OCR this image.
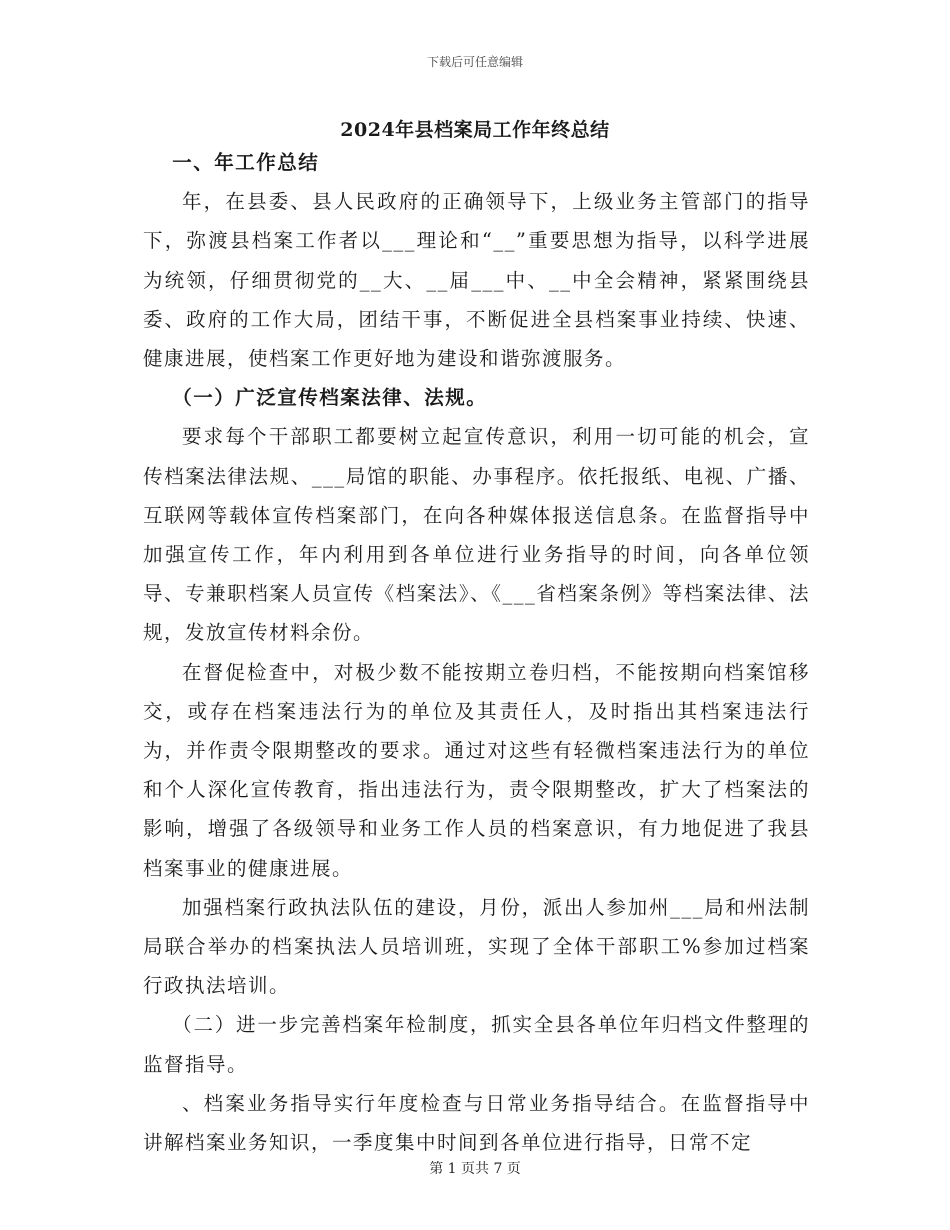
下载后可任意编辑
2024年县档案局工作年终总结

一、年工作总结

年，在县委、县人民政府的正确领导下，上级业务主管部门的指导下，弥渡县档案工作者以___理论和“__”重要思想为指导，以科学进展为统领，仔细贯彻党的__大、__届___中、__中全会精神，紧紧围绕县委、政府的工作大局，团结干事，不断促进全县档案事业持续、快速、健康进展，使档案工作更好地为建设和谐弥渡服务。

（一）广泛宣传档案法律、法规。

要求每个干部职工都要树立起宣传意识，利用一切可能的机会，宣传档案法律法规、___局馆的职能、办事程序。依托报纸、电视、广播、互联网等载体宣传档案部门，在向各种媒体报送信息条。在监督指导中加强宣传工作，年内利用到各单位进行业务指导的时间，向各单位领导、专兼职档案人员宣传《档案法》、《___省档案条例》等档案法律、法规，发放宣传材料余份。

在督促检查中，对极少数不能按期立卷归档，不能按期向档案馆移交，或存在档案违法行为的单位及其责任人，及时指出其档案违法行为，并作责令限期整改的要求。通过对这些有轻微档案违法行为的单位和个人深化宣传教育，指出违法行为，责令限期整改，扩大了档案法的影响，增强了各级领导和业务工作人员的档案意识，有力地促进了我县档案事业的健康进展。

加强档案行政执法队伍的建设，月份，派出人参加州___局和州法制局联合举办的档案执法人员培训班，实现了全体干部职工%参加过档案行政执法培训。

（二）进一步完善档案年检制度，抓实全县各单位年归档文件整理的监督指导。

、档案业务指导实行年度检查与日常业务指导结合。在监督指导中讲解档案业务知识，一季度集中时间到各单位进行指导，日常不定

第 1 页共 7 页
